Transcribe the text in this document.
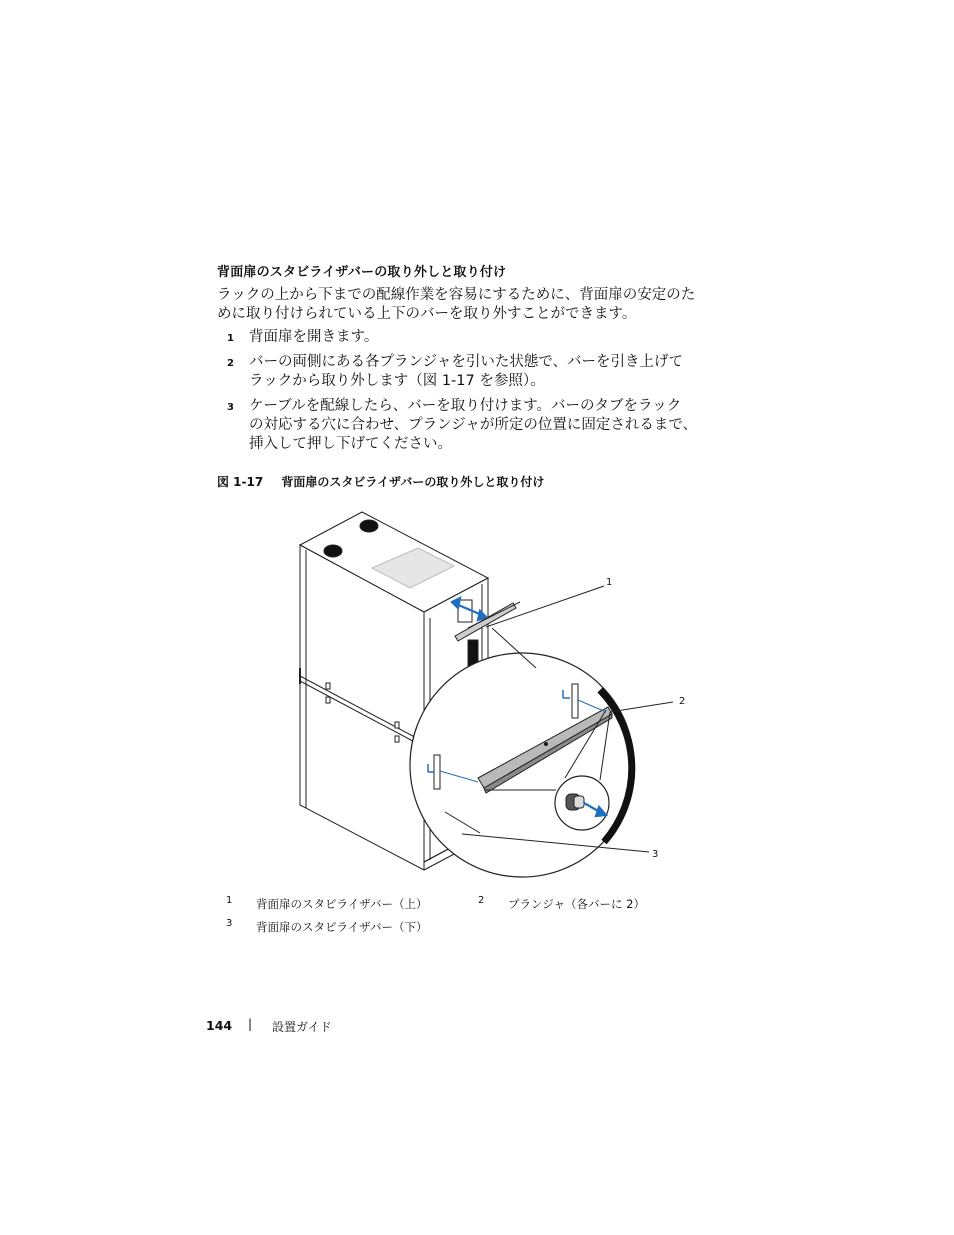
背面扉のスタビライザバーの取り外しと取り付け
ラックの上から下までの配線作業を容易にするために、背面扉の安定のた
めに取り付けられている上下のバーを取り外すことができます。
1	背面扉を開きます。
2	バーの両側にある各プランジャを引いた状態で、バーを引き上げて
ラックから取り外します（図 1-17 を参照）。
3	ケーブルを配線したら、バーを取り付けます。バーのタブをラック
の対応する穴に合わせ、プランジャが所定の位置に固定されるまで、
挿入して押し下げてください。
図 1-17 背面扉のスタビライザバーの取り外しと取り付け
1
2
3
1 背面扉のスタビライザバー（上）	2 プランジャ（各バーに 2）
3 背面扉のスタビライザバー（下）
144 | 設置ガイド
